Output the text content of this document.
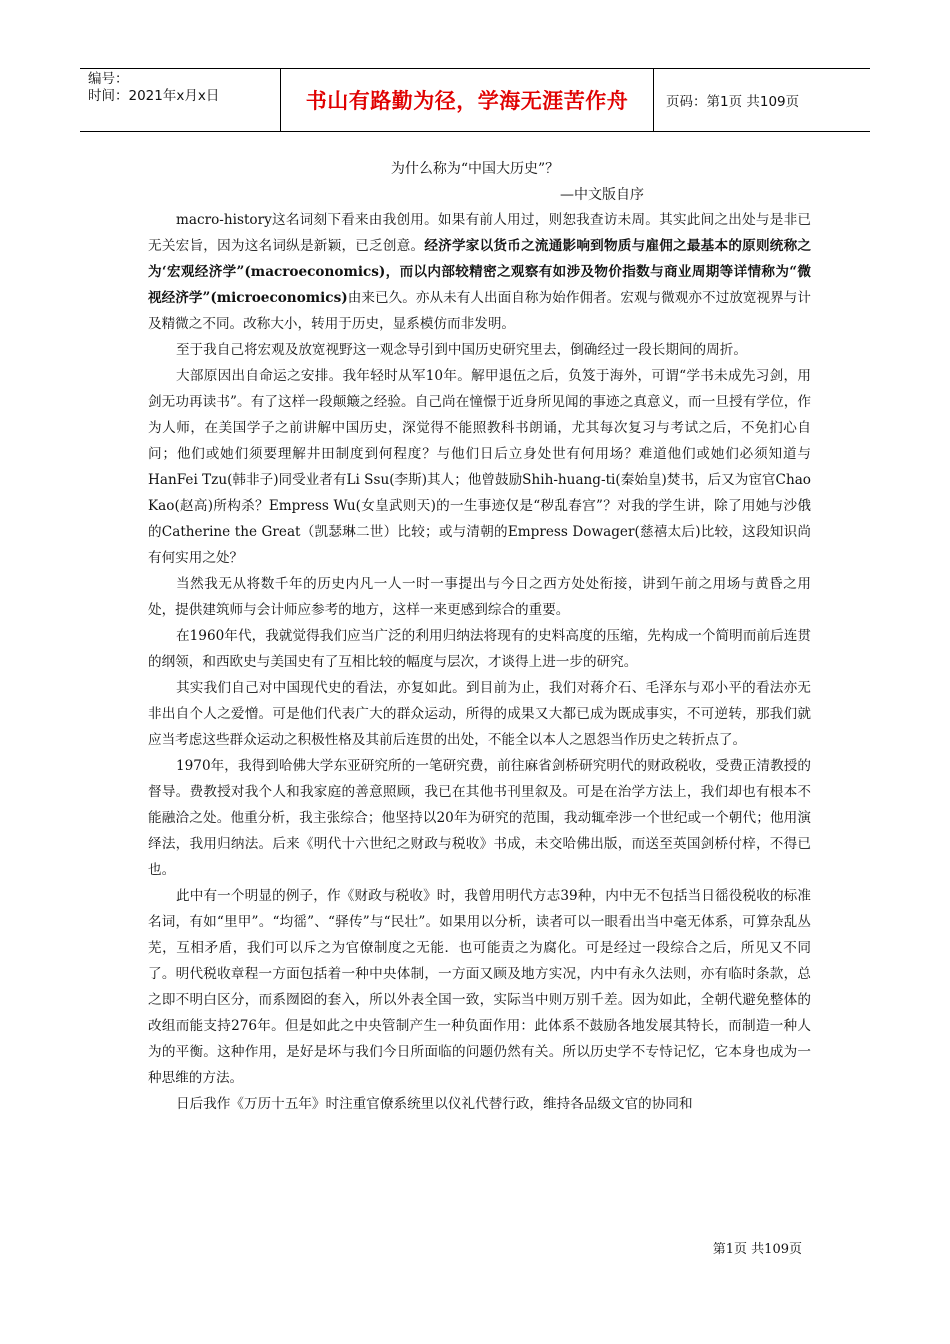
编号：
时间：2021年x月x日	书山有路勤为径，学海无涯苦作舟	页码：第1页 共109页
为什么称为“中国大历史”？
—中文版自序

macro-history这名词刻下看来由我创用。如果有前人用过，则恕我查访未周。其实此间之出处与是非已无关宏旨，因为这名词纵是新颖，已乏创意。经济学家以货币之流通影响到物质与雇佣之最基本的原则统称之为‘宏观经济学”(macroeconomics)，而以内部较精密之观察有如涉及物价指数与商业周期等详情称为“微视经济学”(microeconomics)由来已久。亦从未有人出面自称为始作佣者。宏观与微观亦不过放宽视界与计及精微之不同。改称大小，转用于历史，显系模仿而非发明。

至于我自己将宏观及放宽视野这一观念导引到中国历史研究里去，倒确经过一段长期间的周折。

大部原因出自命运之安排。我年轻时从军10年。解甲退伍之后，负笈于海外，可谓“学书未成先习剑，用剑无功再读书”。有了这样一段颠簸之经验。自己尚在憧憬于近身所见闻的事迹之真意义，而一旦授有学位，作为人师，在美国学子之前讲解中国历史，深觉得不能照教科书朗诵，尤其每次复习与考试之后，不免扪心自问；他们或她们须要理解井田制度到何程度？与他们日后立身处世有何用场？难道他们或她们必须知道与HanFei Tzu(韩非子)同受业者有Li Ssu(李斯)其人；他曾鼓励Shih-huang-ti(秦始皇)焚书，后又为宦官Chao Kao(赵高)所构杀？Empress Wu(女皇武则天)的一生事迹仅是“秽乱春宫”？对我的学生讲，除了用她与沙俄的Catherine the Great（凯瑟琳二世）比较；或与清朝的Empress Dowager(慈禧太后)比较，这段知识尚有何实用之处？

当然我无从将数千年的历史内凡一人一时一事提出与今日之西方处处衔接，讲到午前之用场与黄昏之用处，提供建筑师与会计师应参考的地方，这样一来更感到综合的重要。

在1960年代，我就觉得我们应当广泛的利用归纳法将现有的史料高度的压缩，先构成一个简明而前后连贯的纲领，和西欧史与美国史有了互相比较的幅度与层次，才谈得上进一步的研究。

其实我们自己对中国现代史的看法，亦复如此。到目前为止，我们对蒋介石、毛泽东与邓小平的看法亦无非出自个人之爱憎。可是他们代表广大的群众运动，所得的成果又大都已成为既成事实，不可逆转，那我们就应当考虑这些群众运动之积极性格及其前后连贯的出处，不能全以本人之恩怨当作历史之转折点了。

1970年，我得到哈佛大学东亚研究所的一笔研究费，前往麻省剑桥研究明代的财政税收，受费正清教授的督导。费教授对我个人和我家庭的善意照顾，我已在其他书刊里叙及。可是在治学方法上，我们却也有根本不能融洽之处。他重分析，我主张综合；他坚持以20年为研究的范围，我动辄牵涉一个世纪或一个朝代；他用演绎法，我用归纳法。后来《明代十六世纪之财政与税收》书成，未交哈佛出版，而送至英国剑桥付梓，不得已也。

此中有一个明显的例子，作《财政与税收》时，我曾用明代方志39种，内中无不包括当日徭役税收的标准名词，有如“里甲”。“均徭”、“驿传”与“民壮”。如果用以分析，读者可以一眼看出当中毫无体系，可算杂乱丛芜，互相矛盾，我们可以斥之为官僚制度之无能．也可能责之为腐化。可是经过一段综合之后，所见又不同了。明代税收章程一方面包括着一种中央体制，一方面又顾及地方实况，内中有永久法则，亦有临时条款，总之即不明白区分，而系囫囵的套入，所以外表全国一致，实际当中则万别千差。因为如此，全朝代避免整体的改组而能支持276年。但是如此之中央管制产生一种负面作用：此体系不鼓励各地发展其特长，而制造一种人为的平衡。这种作用，是好是坏与我们今日所面临的问题仍然有关。所以历史学不专恃记忆，它本身也成为一种思维的方法。

日后我作《万历十五年》时注重官僚系统里以仪礼代替行政，维持各品级文官的协同和

第1页 共109页
